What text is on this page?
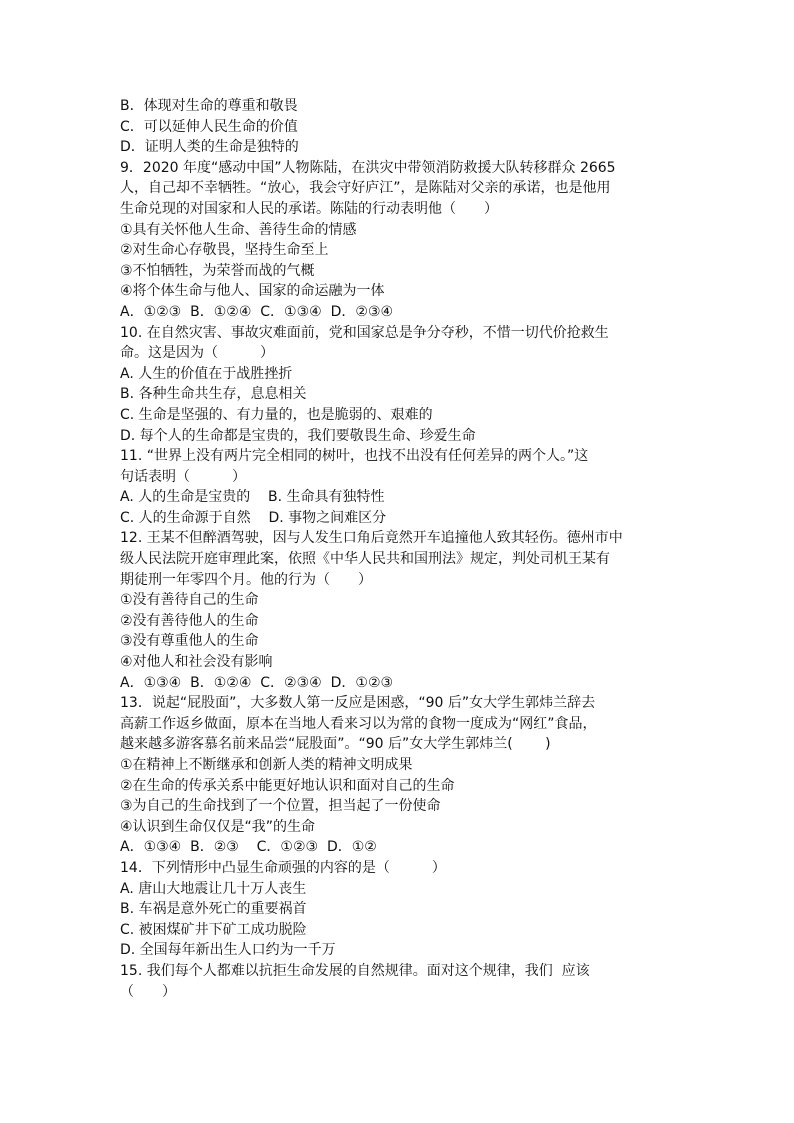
B．体现对生命的尊重和敬畏
C．可以延伸人民生命的价值
D．证明人类的生命是独特的
9．2020 年度“感动中国”人物陈陆，在洪灾中带领消防救援大队转移群众 2665
人，自己却不幸牺牲。“放心，我会守好庐江”，是陈陆对父亲的承诺，也是他用
生命兑现的对国家和人民的承诺。陈陆的行动表明他（　　）
①具有关怀他人生命、善待生命的情感
②对生命心存敬畏，坚持生命至上
③不怕牺牲，为荣誉而战的气概
④将个体生命与他人、国家的命运融为一体
A．①②③  B．①②④  C．①③④  D．②③④
10. 在自然灾害、事故灾难面前，党和国家总是争分夺秒，不惜一切代价抢救生
命。这是因为（　　　）
A. 人生的价值在于战胜挫折
B. 各种生命共生存，息息相关
C. 生命是坚强的、有力量的，也是脆弱的、艰难的
D. 每个人的生命都是宝贵的，我们要敬畏生命、珍爱生命
11. “世界上没有两片完全相同的树叶，也找不出没有任何差异的两个人。”这
句话表明（　　　）
A. 人的生命是宝贵的    B. 生命具有独特性
C. 人的生命源于自然    D. 事物之间难区分
12. 王某不但醉酒驾驶，因与人发生口角后竟然开车追撞他人致其轻伤。德州市中
级人民法院开庭审理此案，依照《中华人民共和国刑法》规定，判处司机王某有
期徒刑一年零四个月。他的行为（　　）
①没有善待自己的生命
②没有善待他人的生命
③没有尊重他人的生命
④对他人和社会没有影响
A．①③④  B．①②④  C．②③④  D．①②③
13．说起“屁股面”，大多数人第一反应是困惑，“90 后”女大学生郭炜兰辞去
高薪工作返乡做面，原本在当地人看来习以为常的食物一度成为“网红”食品，
越来越多游客慕名前来品尝“屁股面”。“90 后”女大学生郭炜兰(　　 )
①在精神上不断继承和创新人类的精神文明成果
②在生命的传承关系中能更好地认识和面对自己的生命
③为自己的生命找到了一个位置，担当起了一份使命
④认识到生命仅仅是“我”的生命
A．①③④  B．②③    C．①②③  D．①②
14．下列情形中凸显生命顽强的内容的是（　　　）
A. 唐山大地震让几十万人丧生
B. 车祸是意外死亡的重要祸首
C. 被困煤矿井下矿工成功脱险
D. 全国每年新出生人口约为一千万
15. 我们每个人都难以抗拒生命发展的自然规律。面对这个规律，我们  应该
（　　）
